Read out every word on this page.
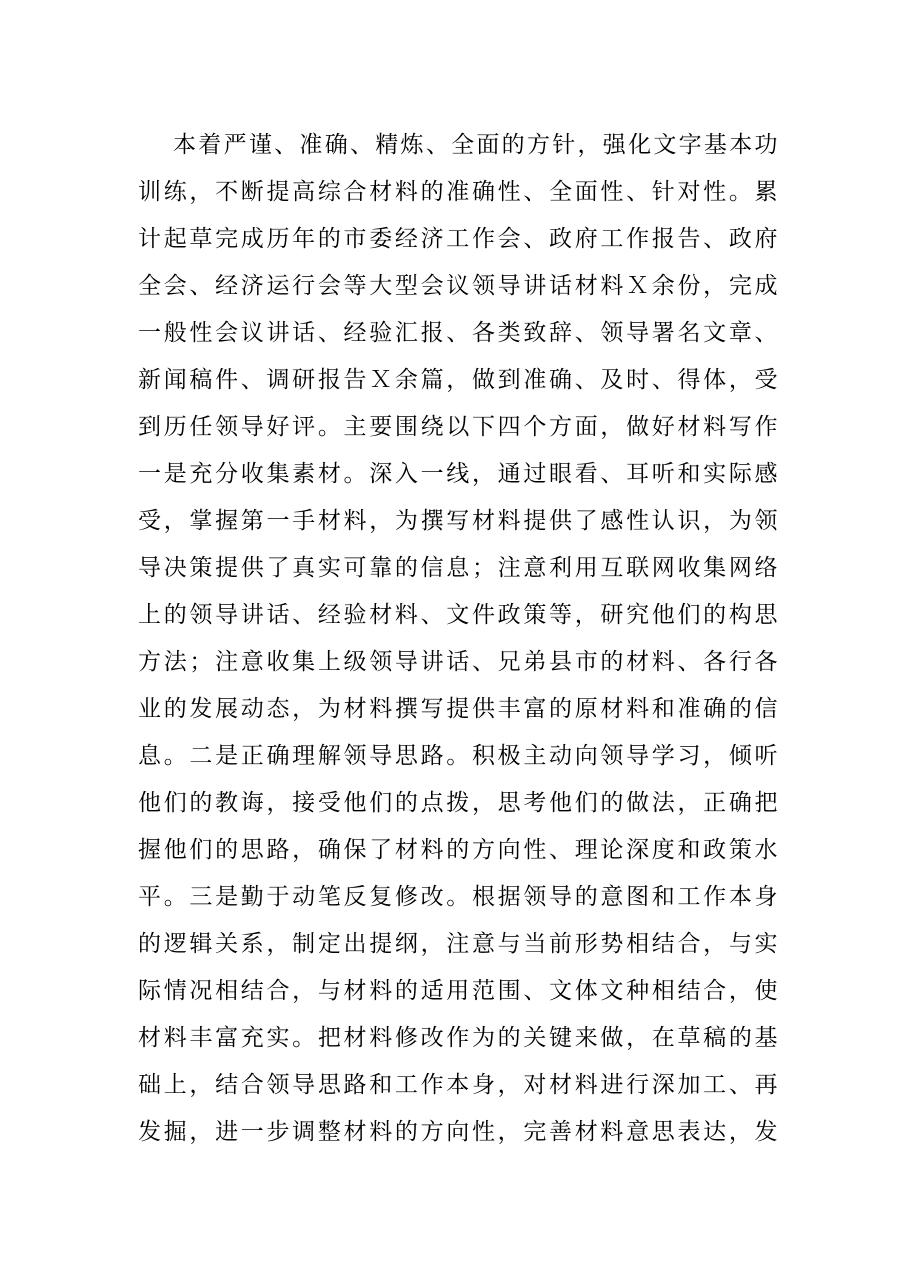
本着严谨、准确、精炼、全面的方针，强化文字基本功
训练，不断提高综合材料的准确性、全面性、针对性。累
计起草完成历年的市委经济工作会、政府工作报告、政府
全会、经济运行会等大型会议领导讲话材料Ｘ余份，完成
一般性会议讲话、经验汇报、各类致辞、领导署名文章、
新闻稿件、调研报告Ｘ余篇，做到准确、及时、得体，受
到历任领导好评。主要围绕以下四个方面，做好材料写作
一是充分收集素材。深入一线，通过眼看、耳听和实际感
受，掌握第一手材料，为撰写材料提供了感性认识，为领
导决策提供了真实可靠的信息；注意利用互联网收集网络
上的领导讲话、经验材料、文件政策等，研究他们的构思
方法；注意收集上级领导讲话、兄弟县市的材料、各行各
业的发展动态，为材料撰写提供丰富的原材料和准确的信
息。二是正确理解领导思路。积极主动向领导学习，倾听
他们的教诲，接受他们的点拨，思考他们的做法，正确把
握他们的思路，确保了材料的方向性、理论深度和政策水
平。三是勤于动笔反复修改。根据领导的意图和工作本身
的逻辑关系，制定出提纲，注意与当前形势相结合，与实
际情况相结合，与材料的适用范围、文体文种相结合，使
材料丰富充实。把材料修改作为的关键来做，在草稿的基
础上，结合领导思路和工作本身，对材料进行深加工、再
发掘，进一步调整材料的方向性，完善材料意思表达，发
